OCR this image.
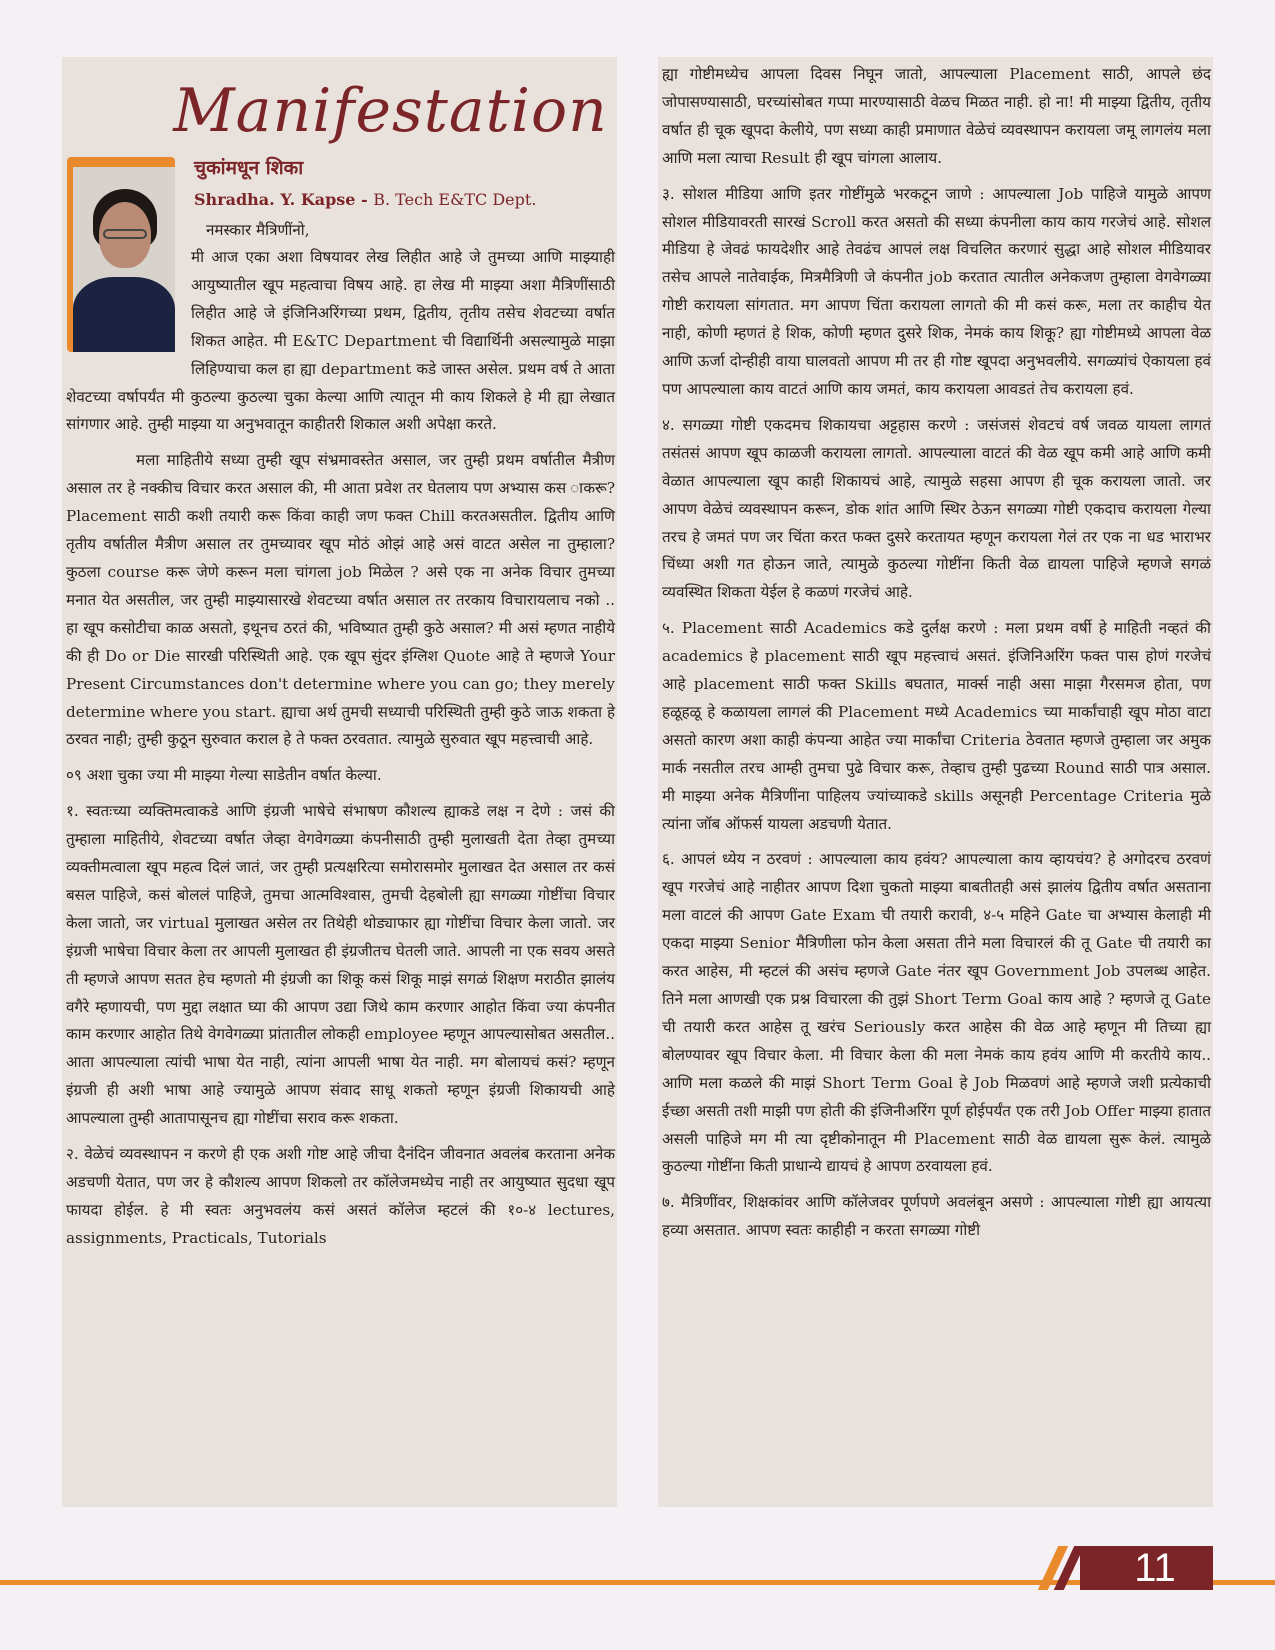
Manifestation
चुकांमधून शिका
Shradha. Y. Kapse - B. Tech E&TC Dept.
नमस्कार मैत्रिणींनो,

मी आज एका अशा विषयावर लेख लिहीत आहे जे तुमच्या आणि माझ्याही आयुष्यातील खूप महत्वाचा विषय आहे. हा लेख मी माझ्या अशा मैत्रिणींसाठी लिहीत आहे जे इंजिनिअरिंगच्या प्रथम, द्वितीय, तृतीय तसेच शेवटच्या वर्षात शिकत आहेत. मी E&TC Department ची विद्यार्थिनी असल्यामुळे माझा लिहिण्याचा कल हा ह्या department कडे जास्त असेल. प्रथम वर्ष ते आता शेवटच्या वर्षापर्यंत मी कुठल्या कुठल्या चुका केल्या आणि त्यातून मी काय शिकले हे मी ह्या लेखात सांगणार आहे. तुम्ही माझ्या या अनुभवातून काहीतरी शिकाल अशी अपेक्षा करते.

मला माहितीये सध्या तुम्ही खूप संभ्रमावस्तेत असाल, जर तुम्ही प्रथम वर्षातील मैत्रीण असाल तर हे नक्कीच विचार करत असाल की, मी आता प्रवेश तर घेतलाय पण अभ्यास कस ाकरू? Placement साठी कशी तयारी करू किंवा काही जण फक्त Chill करतअसतील. द्वितीय आणि तृतीय वर्षातील मैत्रीण असाल तर तुमच्यावर खूप मोठं ओझं आहे असं वाटत असेल ना तुम्हाला? कुठला course करू जेणे करून मला चांगला job मिळेल ? असे एक ना अनेक विचार तुमच्या मनात येत असतील, जर तुम्ही माझ्यासारखे शेवटच्या वर्षात असाल तर तरकाय विचारायलाच नको .. हा खूप कसोटीचा काळ असतो, इथूनच ठरतं की, भविष्यात तुम्ही कुठे असाल? मी असं म्हणत नाहीये की ही Do or Die सारखी परिस्थिती आहे. एक खूप सुंदर इंग्लिश Quote आहे ते म्हणजे Your Present Circumstances don't determine where you can go; they merely determine where you start. ह्याचा अर्थ तुमची सध्याची परिस्थिती तुम्ही कुठे जाऊ शकता हे ठरवत नाही; तुम्ही कुठून सुरुवात कराल हे ते फक्त ठरवतात. त्यामुळे सुरुवात खूप महत्त्वाची आहे.

०९ अशा चुका ज्या मी माझ्या गेल्या साडेतीन वर्षात केल्या.

१. स्वतःच्या व्यक्तिमत्वाकडे आणि इंग्रजी भाषेचे संभाषण कौशल्य ह्याकडे लक्ष न देणे : जसं की तुम्हाला माहितीये, शेवटच्या वर्षात जेव्हा वेगवेगळ्या कंपनीसाठी तुम्ही मुलाखती देता तेव्हा तुमच्या व्यक्तीमत्वाला खूप महत्व दिलं जातं, जर तुम्ही प्रत्यक्षरित्या समोरासमोर मुलाखत देत असाल तर कसं बसल पाहिजे, कसं बोललं पाहिजे, तुमचा आत्मविश्वास, तुमची देहबोली ह्या सगळ्या गोष्टींचा विचार केला जातो, जर virtual मुलाखत असेल तर तिथेही थोड्याफार ह्या गोष्टींचा विचार केला जातो. जर इंग्रजी भाषेचा विचार केला तर आपली मुलाखत ही इंग्रजीतच घेतली जाते. आपली ना एक सवय असते ती म्हणजे आपण सतत हेच म्हणतो मी इंग्रजी का शिकू कसं शिकू माझं सगळं शिक्षण मराठीत झालंय वगैरे म्हणायची, पण मुद्दा लक्षात घ्या की आपण उद्या जिथे काम करणार आहोत किंवा ज्या कंपनीत काम करणार आहोत तिथे वेगवेगळ्या प्रांतातील लोकही employee म्हणून आपल्यासोबत असतील.. आता आपल्याला त्यांची भाषा येत नाही, त्यांना आपली भाषा येत नाही. मग बोलायचं कसं? म्हणून इंग्रजी ही अशी भाषा आहे ज्यामुळे आपण संवाद साधू शकतो म्हणून इंग्रजी शिकायची आहे आपल्याला तुम्ही आतापासूनच ह्या गोष्टींचा सराव करू शकता.

२. वेळेचं व्यवस्थापन न करणे ही एक अशी गोष्ट आहे जीचा दैनंदिन जीवनात अवलंब करताना अनेक अडचणी येतात, पण जर हे कौशल्य आपण शिकलो तर कॉलेजमध्येच नाही तर आयुष्यात सुदधा खूप फायदा होईल. हे मी स्वतः अनुभवलंय कसं असतं कॉलेज म्हटलं की १०-४ lectures, assignments, Practicals, Tutorials

ह्या गोष्टीमध्येच आपला दिवस निघून जातो, आपल्याला Placement साठी, आपले छंद जोपासण्यासाठी, घरच्यांसोबत गप्पा मारण्यासाठी वेळच मिळत नाही. हो ना! मी माझ्या द्वितीय, तृतीय वर्षात ही चूक खूपदा केलीये, पण सध्या काही प्रमाणात वेळेचं व्यवस्थापन करायला जमू लागलंय मला आणि मला त्याचा Result ही खूप चांगला आलाय.

३. सोशल मीडिया आणि इतर गोष्टींमुळे भरकटून जाणे : आपल्याला Job पाहिजे यामुळे आपण सोशल मीडियावरती सारखं Scroll करत असतो की सध्या कंपनीला काय काय गरजेचं आहे. सोशल मीडिया हे जेवढं फायदेशीर आहे तेवढंच आपलं लक्ष विचलित करणारं सुद्धा आहे सोशल मीडियावर तसेच आपले नातेवाईक, मित्रमैत्रिणी जे कंपनीत job करतात त्यातील अनेकजण तुम्हाला वेगवेगळ्या गोष्टी करायला सांगतात. मग आपण चिंता करायला लागतो की मी कसं करू, मला तर काहीच येत नाही, कोणी म्हणतं हे शिक, कोणी म्हणत दुसरे शिक, नेमकं काय शिकू? ह्या गोष्टीमध्ये आपला वेळ आणि ऊर्जा दोन्हीही वाया घालवतो आपण मी तर ही गोष्ट खूपदा अनुभवलीये. सगळ्यांचं ऐकायला हवं पण आपल्याला काय वाटतं आणि काय जमतं, काय करायला आवडतं तेच करायला हवं.

४. सगळ्या गोष्टी एकदमच शिकायचा अट्टहास करणे : जसंजसं शेवटचं वर्ष जवळ यायला लागतं तसंतसं आपण खूप काळजी करायला लागतो. आपल्याला वाटतं की वेळ खूप कमी आहे आणि कमी वेळात आपल्याला खूप काही शिकायचं आहे, त्यामुळे सहसा आपण ही चूक करायला जातो. जर आपण वेळेचं व्यवस्थापन करून, डोक शांत आणि स्थिर ठेऊन सगळ्या गोष्टी एकदाच करायला गेल्या तरच हे जमतं पण जर चिंता करत फक्त दुसरे करतायत म्हणून करायला गेलं तर एक ना धड भाराभर चिंध्या अशी गत होऊन जाते, त्यामुळे कुठल्या गोष्टींना किती वेळ द्यायला पाहिजे म्हणजे सगळं व्यवस्थित शिकता येईल हे कळणं गरजेचं आहे.

५. Placement साठी Academics कडे दुर्लक्ष करणे : मला प्रथम वर्षी हे माहिती नव्हतं की academics हे placement साठी खूप महत्त्वाचं असतं. इंजिनिअरिंग फक्त पास होणं गरजेचं आहे placement साठी फक्त Skills बघतात, मार्क्स नाही असा माझा गैरसमज होता, पण हळूहळू हे कळायला लागलं की Placement मध्ये Academics च्या मार्कांचाही खूप मोठा वाटा असतो कारण अशा काही कंपन्या आहेत ज्या मार्कांचा Criteria ठेवतात म्हणजे तुम्हाला जर अमुक मार्क नसतील तरच आम्ही तुमचा पुढे विचार करू, तेव्हाच तुम्ही पुढच्या Round साठी पात्र असाल. मी माझ्या अनेक मैत्रिणींना पाहिलय ज्यांच्याकडे skills असूनही Percentage Criteria मुळे त्यांना जॉब ऑफर्स यायला अडचणी येतात.

६. आपलं ध्येय न ठरवणं : आपल्याला काय हवंय? आपल्याला काय व्हायचंय? हे अगोदरच ठरवणं खूप गरजेचं आहे नाहीतर आपण दिशा चुकतो माझ्या बाबतीतही असं झालंय द्वितीय वर्षात असताना मला वाटलं की आपण Gate Exam ची तयारी करावी, ४-५ महिने Gate चा अभ्यास केलाही मी एकदा माझ्या Senior मैत्रिणीला फोन केला असता तीने मला विचारलं की तू Gate ची तयारी का करत आहेस, मी म्हटलं की असंच म्हणजे Gate नंतर खूप Government Job उपलब्ध आहेत. तिने मला आणखी एक प्रश्न विचारला की तुझं Short Term Goal काय आहे ? म्हणजे तू Gate ची तयारी करत आहेस तू खरंच Seriously करत आहेस की वेळ आहे म्हणून मी तिच्या ह्या बोलण्यावर खूप विचार केला. मी विचार केला की मला नेमकं काय हवंय आणि मी करतीये काय.. आणि मला कळले की माझं Short Term Goal हे Job मिळवणं आहे म्हणजे जशी प्रत्येकाची ईच्छा असती तशी माझी पण होती की इंजिनीअरिंग पूर्ण होईपर्यंत एक तरी Job Offer माझ्या हातात असली पाहिजे मग मी त्या दृष्टीकोनातून मी Placement साठी वेळ द्यायला सुरू केलं. त्यामुळे कुठल्या गोष्टींना किती प्राधान्ये द्यायचं हे आपण ठरवायला हवं.

७. मैत्रिणींवर, शिक्षकांवर आणि कॉलेजवर पूर्णपणे अवलंबून असणे : आपल्याला गोष्टी ह्या आयत्या हव्या असतात. आपण स्वतः काहीही न करता सगळ्या गोष्टी

11
